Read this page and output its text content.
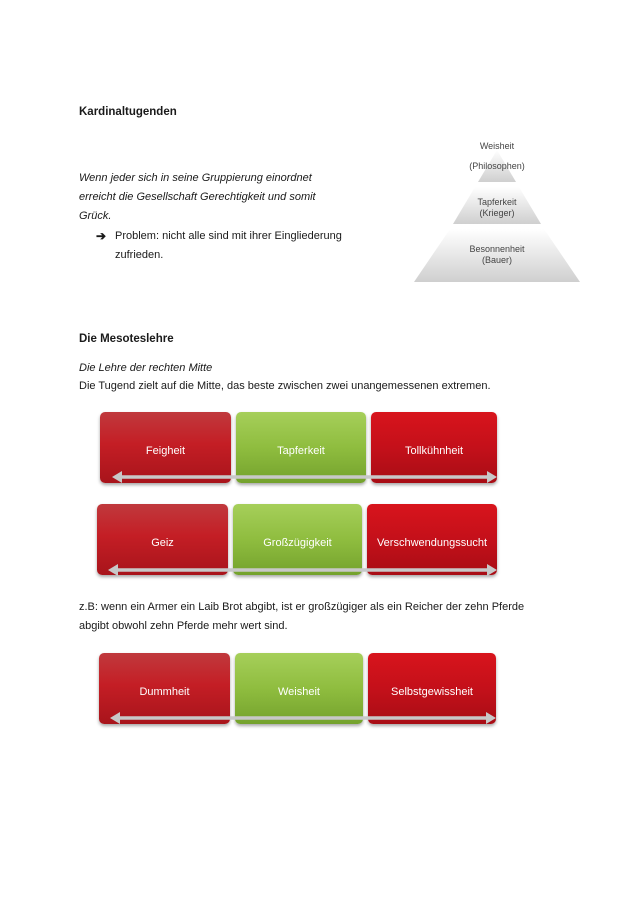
Kardinaltugenden
Wenn jeder sich in seine Gruppierung einordnet
erreicht die Gesellschaft Gerechtigkeit und somit
Grück.
➔ Problem: nicht alle sind mit ihrer Eingliederung
zufrieden.
Weisheit
(Philosophen)
Tapferkeit
(Krieger)
Besonnenheit
(Bauer)
Die Mesoteslehre
Die Lehre der rechten Mitte
Die Tugend zielt auf die Mitte, das beste zwischen zwei unangemessenen extremen.
Feigheit	Tapferkeit	Tollkühnheit
Geiz	Großzügigkeit	Verschwendungssucht
z.B: wenn ein Armer ein Laib Brot abgibt, ist er großzügiger als ein Reicher der zehn Pferde
abgibt obwohl zehn Pferde mehr wert sind.
Dummheit	Weisheit	Selbstgewissheit
